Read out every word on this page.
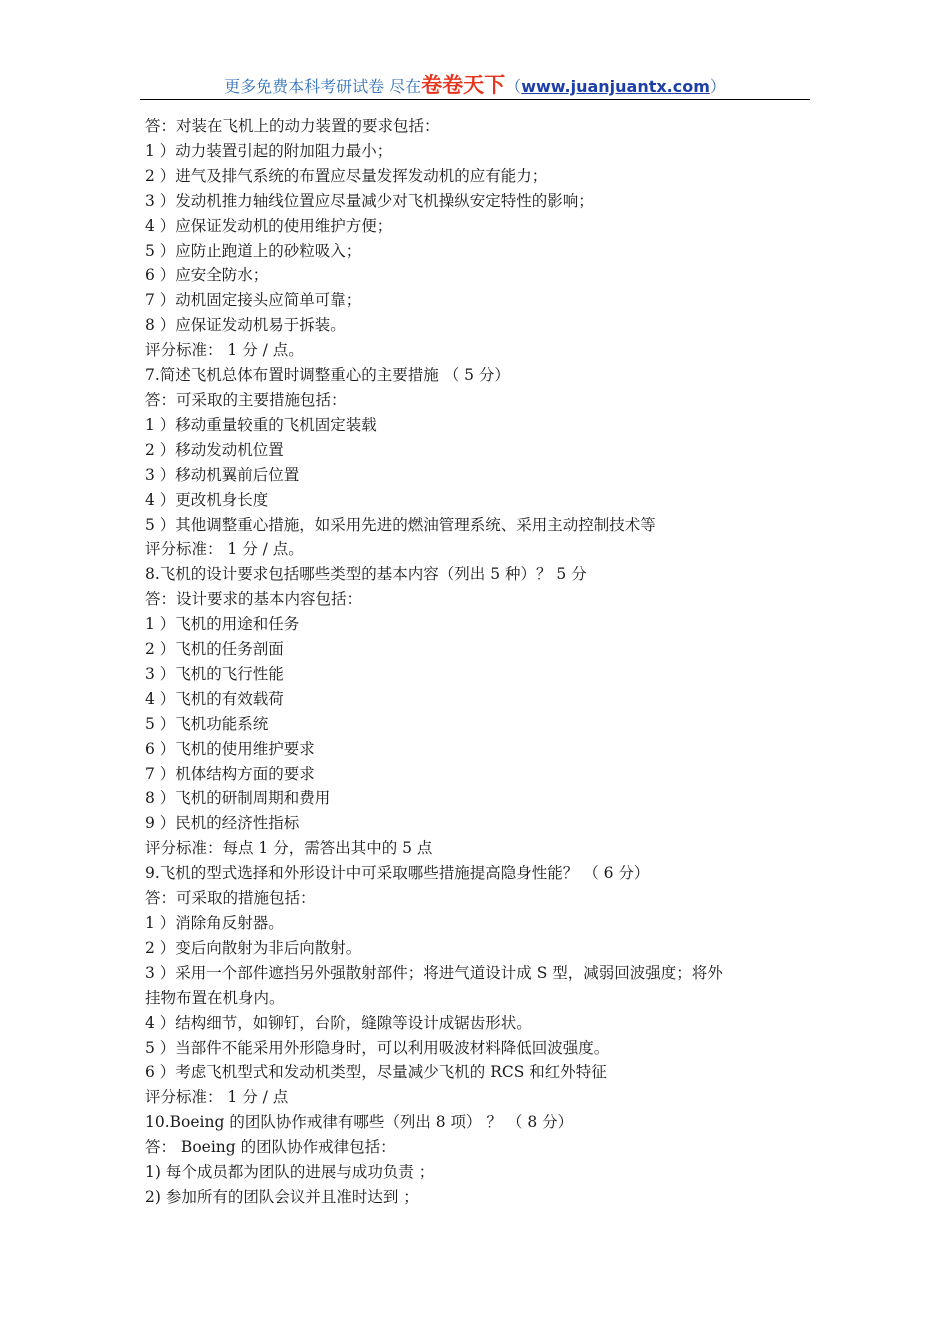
更多免费本科考研试卷 尽在卷卷天下（www.juanjuantx.com）
答：对装在飞机上的动力装置的要求包括：
1 ）动力装置引起的附加阻力最小；
2 ）进气及排气系统的布置应尽量发挥发动机的应有能力；
3 ）发动机推力轴线位置应尽量减少对飞机操纵安定特性的影响；
4 ）应保证发动机的使用维护方便；
5 ）应防止跑道上的砂粒吸入；
6 ）应安全防水；
7 ）动机固定接头应简单可靠；
8 ）应保证发动机易于拆装。
评分标准： 1 分 / 点。
7.简述飞机总体布置时调整重心的主要措施 （ 5 分）
答：可采取的主要措施包括：
1 ）移动重量较重的飞机固定装载
2 ）移动发动机位置
3 ）移动机翼前后位置
4 ）更改机身长度
5 ）其他调整重心措施，如采用先进的燃油管理系统、采用主动控制技术等
评分标准： 1 分 / 点。
8.飞机的设计要求包括哪些类型的基本内容（列出 5 种）？ 5 分
答：设计要求的基本内容包括：
1 ）飞机的用途和任务
2 ）飞机的任务剖面
3 ）飞机的飞行性能
4 ）飞机的有效载荷
5 ）飞机功能系统
6 ）飞机的使用维护要求
7 ）机体结构方面的要求
8 ）飞机的研制周期和费用
9 ）民机的经济性指标
评分标准：每点 1 分，需答出其中的 5 点
9.飞机的型式选择和外形设计中可采取哪些措施提高隐身性能？ （ 6 分）
答：可采取的措施包括：
1 ）消除角反射器。
2 ）变后向散射为非后向散射。
3 ）采用一个部件遮挡另外强散射部件；将进气道设计成 S 型，减弱回波强度；将外
挂物布置在机身内。
4 ）结构细节，如铆钉，台阶，缝隙等设计成锯齿形状。
5 ）当部件不能采用外形隐身时，可以利用吸波材料降低回波强度。
6 ）考虑飞机型式和发动机类型，尽量减少飞机的 RCS 和红外特征
评分标准： 1 分 / 点
10.Boeing 的团队协作戒律有哪些（列出 8 项） ？ （ 8 分）
答： Boeing 的团队协作戒律包括：
1) 每个成员都为团队的进展与成功负责 ；
2) 参加所有的团队会议并且准时达到 ；
